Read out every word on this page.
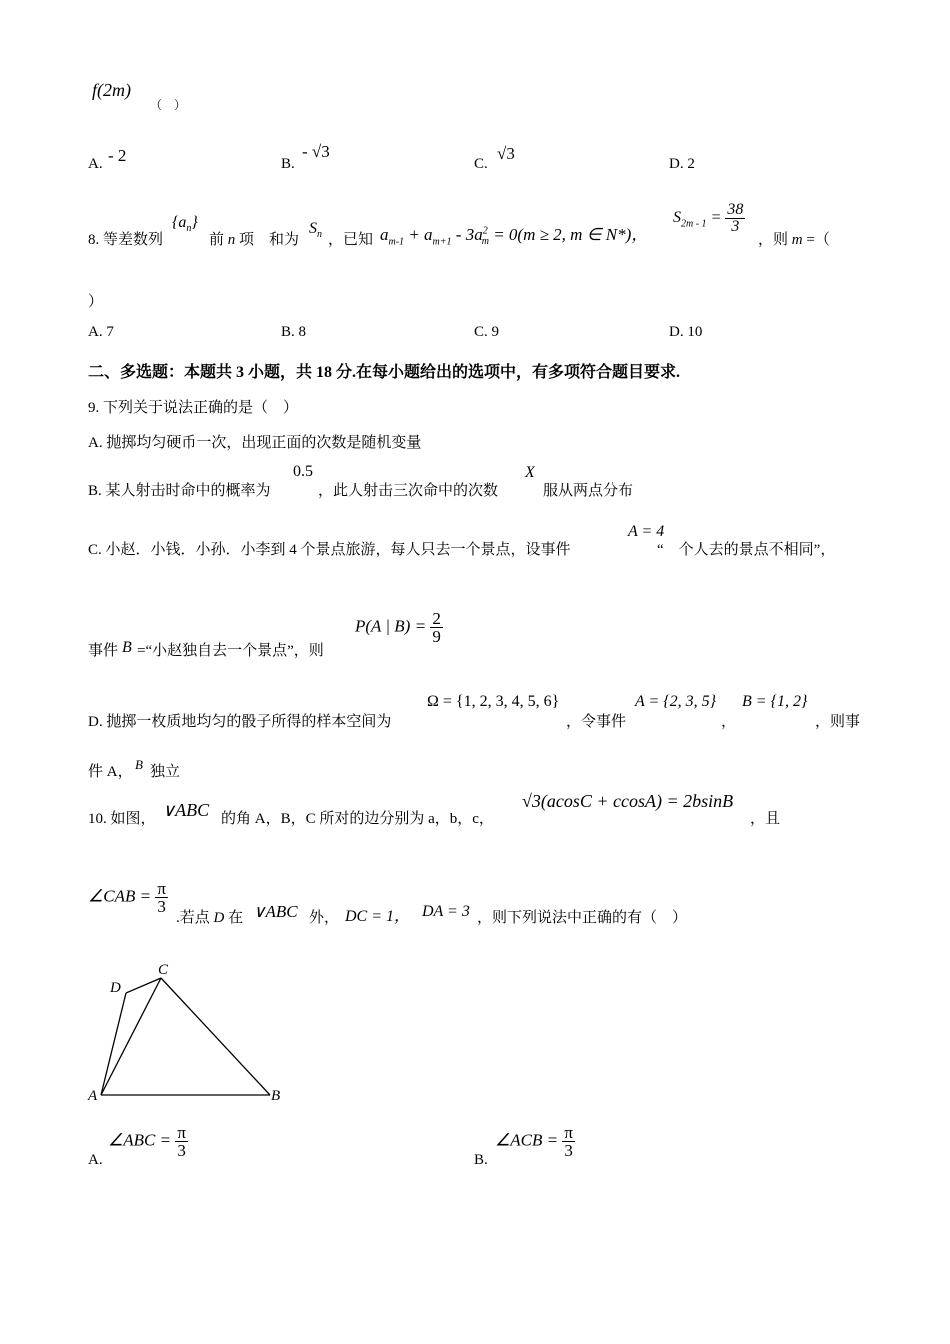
f(2m)
（　）
A. - 2	B.
- √3
C.
√3
D. 2
8. 等差数列
$\{a_n\}$
前 n 项　和为
$S_n$ ，已知 $a_{m-1} + a_{m+1} - 3a^2_m = 0(m \ge 2$, m ∈ N*)，
$S_{2m - 1} = \frac{38}{3}$
，则 m =（
）
A. 7	B. 8	C. 9	D. 10
二、多选题：本题共 3 小题，共 18 分.在每小题给出的选项中，有多项符合题目要求.
9. 下列关于说法正确的是（　）
A. 抛掷均匀硬币一次，出现正面的次数是随机变量
B. 某人射击时命中的概率为
0.5
，此人射击三次命中的次数
X
服从两点分布
C. 小赵．小钱．小孙．小李到 4 个景点旅游，每人只去一个景点，设事件
A = 4
“　个人去的景点不相同”，
事件 B =“小赵独自去一个景点”，则
P(A | $B) = \frac{2}{9}$
D. 抛掷一枚质地均匀的骰子所得的样本空间为
Ω = {1, 2, 3, 4, 5, 6}
，令事件
A = {2, 3, 5}
，
B = {1, 2}
，则事
件 A， B 独立
10. 如图， ∨ABC 的角 A，B，C 所对的边分别为 a，b，c，
√3(acosC + ccosA) = 2bsinB
，且
∠CAB = $\frac{\pi}{3}$
.若点 D 在 ∨ABC 外， DC = 1， DA = 3 ，则下列说法中正确的有（　）
A	B
C
D
A.
∠ABC = $\frac{\pi}{3}$
B.
∠ACB = $\frac{\pi}{3}$
